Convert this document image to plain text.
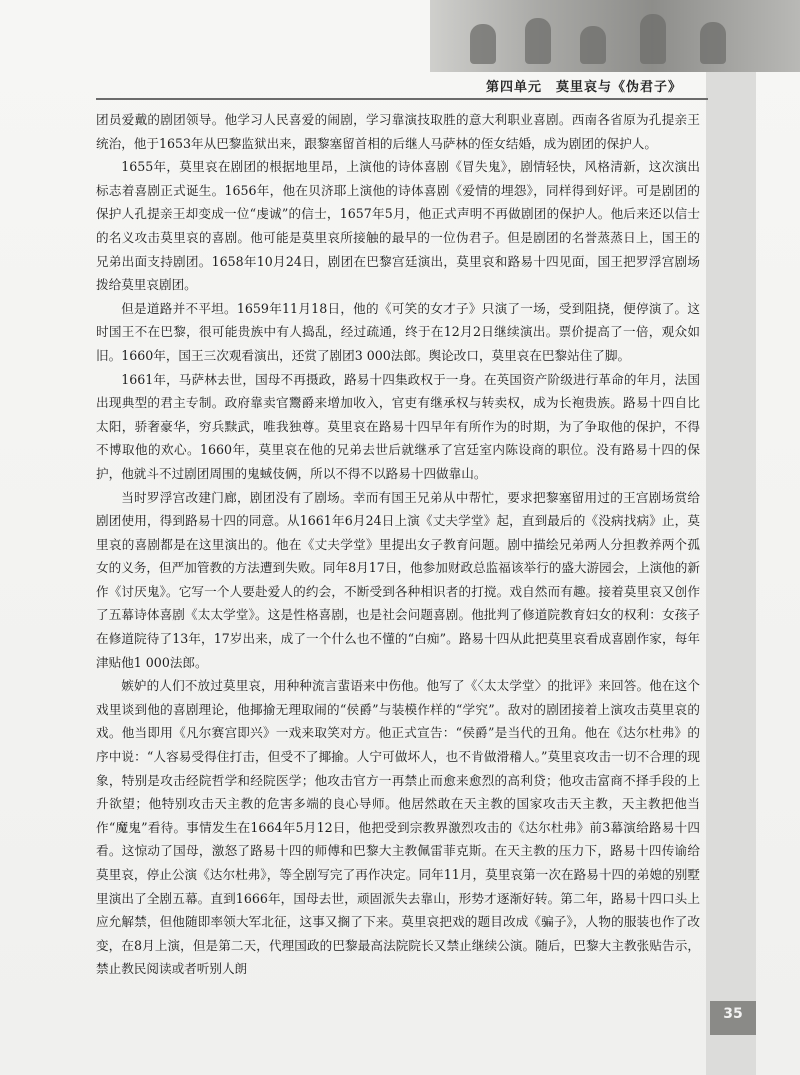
第四单元　莫里哀与《伪君子》

团员爱戴的剧团领导。他学习人民喜爱的闹剧，学习靠演技取胜的意大利职业喜剧。西南各省原为孔提亲王统治，他于1653年从巴黎监狱出来，跟黎塞留首相的后继人马萨林的侄女结婚，成为剧团的保护人。

1655年，莫里哀在剧团的根据地里昂，上演他的诗体喜剧《冒失鬼》，剧情轻快，风格清新，这次演出标志着喜剧正式诞生。1656年，他在贝济耶上演他的诗体喜剧《爱情的埋怨》，同样得到好评。可是剧团的保护人孔提亲王却变成一位“虔诚”的信士，1657年5月，他正式声明不再做剧团的保护人。他后来还以信士的名义攻击莫里哀的喜剧。他可能是莫里哀所接触的最早的一位伪君子。但是剧团的名誉蒸蒸日上，国王的兄弟出面支持剧团。1658年10月24日，剧团在巴黎宫廷演出，莫里哀和路易十四见面，国王把罗浮宫剧场拨给莫里哀剧团。

但是道路并不平坦。1659年11月18日，他的《可笑的女才子》只演了一场，受到阻挠，便停演了。这时国王不在巴黎，很可能贵族中有人捣乱，经过疏通，终于在12月2日继续演出。票价提高了一倍，观众如旧。1660年，国王三次观看演出，还赏了剧团3 000法郎。舆论改口，莫里哀在巴黎站住了脚。

1661年，马萨林去世，国母不再摄政，路易十四集政权于一身。在英国资产阶级进行革命的年月，法国出现典型的君主专制。政府靠卖官鬻爵来增加收入，官吏有继承权与转卖权，成为长袍贵族。路易十四自比太阳，骄奢豪华，穷兵黩武，唯我独尊。莫里哀在路易十四早年有所作为的时期，为了争取他的保护，不得不博取他的欢心。1660年，莫里哀在他的兄弟去世后就继承了宫廷室内陈设商的职位。没有路易十四的保护，他就斗不过剧团周围的鬼蜮伎俩，所以不得不以路易十四做靠山。

当时罗浮宫改建门廊，剧团没有了剧场。幸而有国王兄弟从中帮忙，要求把黎塞留用过的王宫剧场赏给剧团使用，得到路易十四的同意。从1661年6月24日上演《丈夫学堂》起，直到最后的《没病找病》止，莫里哀的喜剧都是在这里演出的。他在《丈夫学堂》里提出女子教育问题。剧中描绘兄弟两人分担教养两个孤女的义务，但严加管教的方法遭到失败。同年8月17日，他参加财政总监福该举行的盛大游园会，上演他的新作《讨厌鬼》。它写一个人要赴爱人的约会，不断受到各种相识者的打搅。戏自然而有趣。接着莫里哀又创作了五幕诗体喜剧《太太学堂》。这是性格喜剧，也是社会问题喜剧。他批判了修道院教育妇女的权利：女孩子在修道院待了13年，17岁出来，成了一个什么也不懂的“白痴”。路易十四从此把莫里哀看成喜剧作家，每年津贴他1 000法郎。

嫉妒的人们不放过莫里哀，用种种流言蜚语来中伤他。他写了《〈太太学堂〉的批评》来回答。他在这个戏里谈到他的喜剧理论，他揶揄无理取闹的“侯爵”与装模作样的“学究”。敌对的剧团接着上演攻击莫里哀的戏。他当即用《凡尔赛宫即兴》一戏来取笑对方。他正式宣告：“侯爵”是当代的丑角。他在《达尔杜弗》的序中说：“人容易受得住打击，但受不了揶揄。人宁可做坏人，也不肯做滑稽人。”莫里哀攻击一切不合理的现象，特别是攻击经院哲学和经院医学；他攻击官方一再禁止而愈来愈烈的高利贷；他攻击富商不择手段的上升欲望；他特别攻击天主教的危害多端的良心导师。他居然敢在天主教的国家攻击天主教，天主教把他当作“魔鬼”看待。事情发生在1664年5月12日，他把受到宗教界激烈攻击的《达尔杜弗》前3幕演给路易十四看。这惊动了国母，激怒了路易十四的师傅和巴黎大主教佩雷菲克斯。在天主教的压力下，路易十四传谕给莫里哀，停止公演《达尔杜弗》，等全剧写完了再作决定。同年11月，莫里哀第一次在路易十四的弟媳的别墅里演出了全剧五幕。直到1666年，国母去世，顽固派失去靠山，形势才逐渐好转。第二年，路易十四口头上应允解禁，但他随即率领大军北征，这事又搁了下来。莫里哀把戏的题目改成《骗子》，人物的服装也作了改变，在8月上演，但是第二天，代理国政的巴黎最高法院院长又禁止继续公演。随后，巴黎大主教张贴告示，禁止教民阅读或者听别人朗

35
